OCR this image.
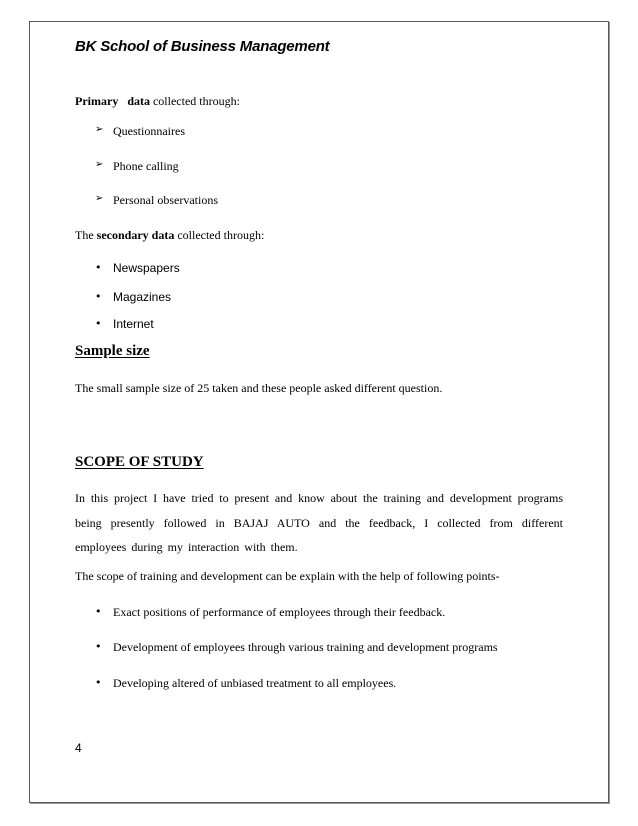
BK School of Business Management
Primary data collected through:
➢ Questionnaires
➢ Phone calling
➢ Personal observations
The secondary data collected through:
• Newspapers
• Magazines
• Internet
Sample size
The small sample size of 25 taken and these people asked different question.
SCOPE OF STUDY
In this project I have tried to present and know about the training and development programs being presently followed in BAJAJ AUTO and the feedback, I collected from different employees during my interaction with them.
The scope of training and development can be explain with the help of following points-
• Exact positions of performance of employees through their feedback.
• Development of employees through various training and development programs
• Developing altered of unbiased treatment to all employees.
4
